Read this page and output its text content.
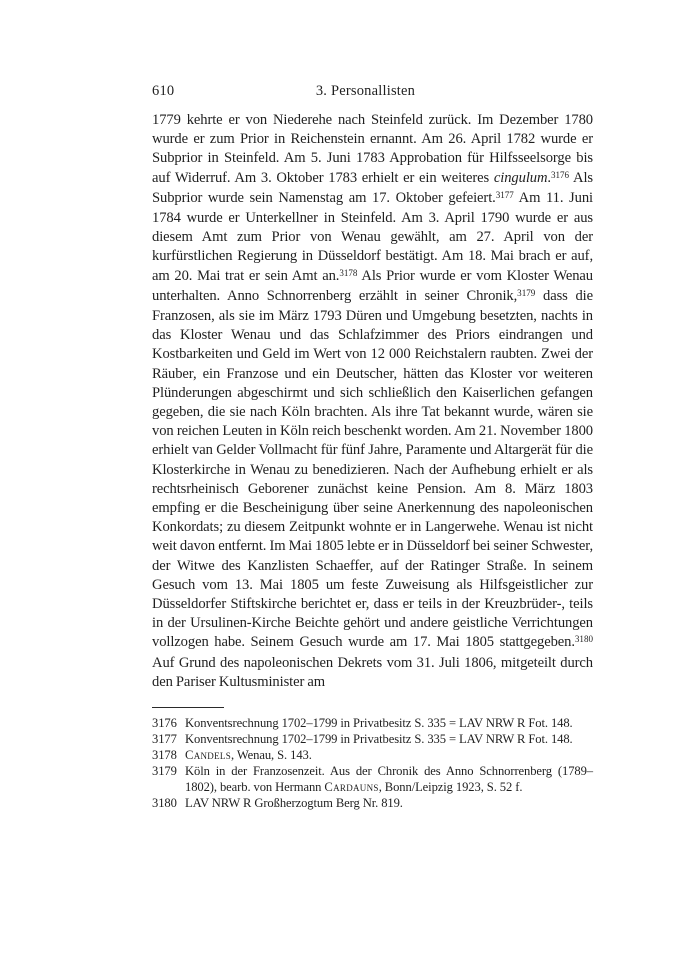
610	3. Personallisten
1779 kehrte er von Niederehe nach Steinfeld zurück. Im Dezember 1780 wurde er zum Prior in Reichenstein ernannt. Am 26. April 1782 wurde er Subprior in Steinfeld. Am 5. Juni 1783 Approbation für Hilfsseelsorge bis auf Widerruf. Am 3. Oktober 1783 erhielt er ein weiteres cingulum.$^{3176}$ Als Subprior wurde sein Namenstag am 17. Oktober gefeiert.$^{3177}$ Am 11. Juni 1784 wurde er Unterkellner in Steinfeld. Am 3. April 1790 wurde er aus diesem Amt zum Prior von Wenau gewählt, am 27. April von der kurfürstlichen Regierung in Düsseldorf bestätigt. Am 18. Mai brach er auf, am 20. Mai trat er sein Amt an.$^{3178}$ Als Prior wurde er vom Kloster Wenau unterhalten. Anno Schnorrenberg erzählt in seiner Chronik,$^{3179}$ dass die Franzosen, als sie im März 1793 Düren und Umgebung besetzten, nachts in das Kloster Wenau und das Schlafzimmer des Priors eindrangen und Kostbarkeiten und Geld im Wert von 12 000 Reichstalern raubten. Zwei der Räuber, ein Franzose und ein Deutscher, hätten das Kloster vor weiteren Plünderungen abgeschirmt und sich schließlich den Kaiserlichen gefangen gegeben, die sie nach Köln brachten. Als ihre Tat bekannt wurde, wären sie von reichen Leuten in Köln reich beschenkt worden. Am 21. November 1800 erhielt van Gelder Vollmacht für fünf Jahre, Paramente und Altargerät für die Klosterkirche in Wenau zu benedizieren. Nach der Aufhebung erhielt er als rechtsrheinisch Geborener zunächst keine Pension. Am 8. März 1803 empfing er die Bescheinigung über seine Anerkennung des napoleonischen Konkordats; zu diesem Zeitpunkt wohnte er in Langerwehe. Wenau ist nicht weit davon entfernt. Im Mai 1805 lebte er in Düsseldorf bei seiner Schwester, der Witwe des Kanzlisten Schaeffer, auf der Ratinger Straße. In seinem Gesuch vom 13. Mai 1805 um feste Zuweisung als Hilfsgeistlicher zur Düsseldorfer Stiftskirche berichtet er, dass er teils in der Kreuzbrüder-, teils in der Ursulinen-Kirche Beichte gehört und andere geistliche Verrichtungen vollzogen habe. Seinem Gesuch wurde am 17. Mai 1805 stattgegeben.$^{3180}$ Auf Grund des napoleonischen Dekrets vom 31. Juli 1806, mitgeteilt durch den Pariser Kultusminister am
3176 Konventsrechnung 1702–1799 in Privatbesitz S. 335 = LAV NRW R Fot. 148.
3177 Konventsrechnung 1702–1799 in Privatbesitz S. 335 = LAV NRW R Fot. 148.
3178 Candels, Wenau, S. 143.
3179 Köln in der Franzosenzeit. Aus der Chronik des Anno Schnorrenberg (1789–1802), bearb. von Hermann Cardauns, Bonn/Leipzig 1923, S. 52 f.
3180 LAV NRW R Großherzogtum Berg Nr. 819.
